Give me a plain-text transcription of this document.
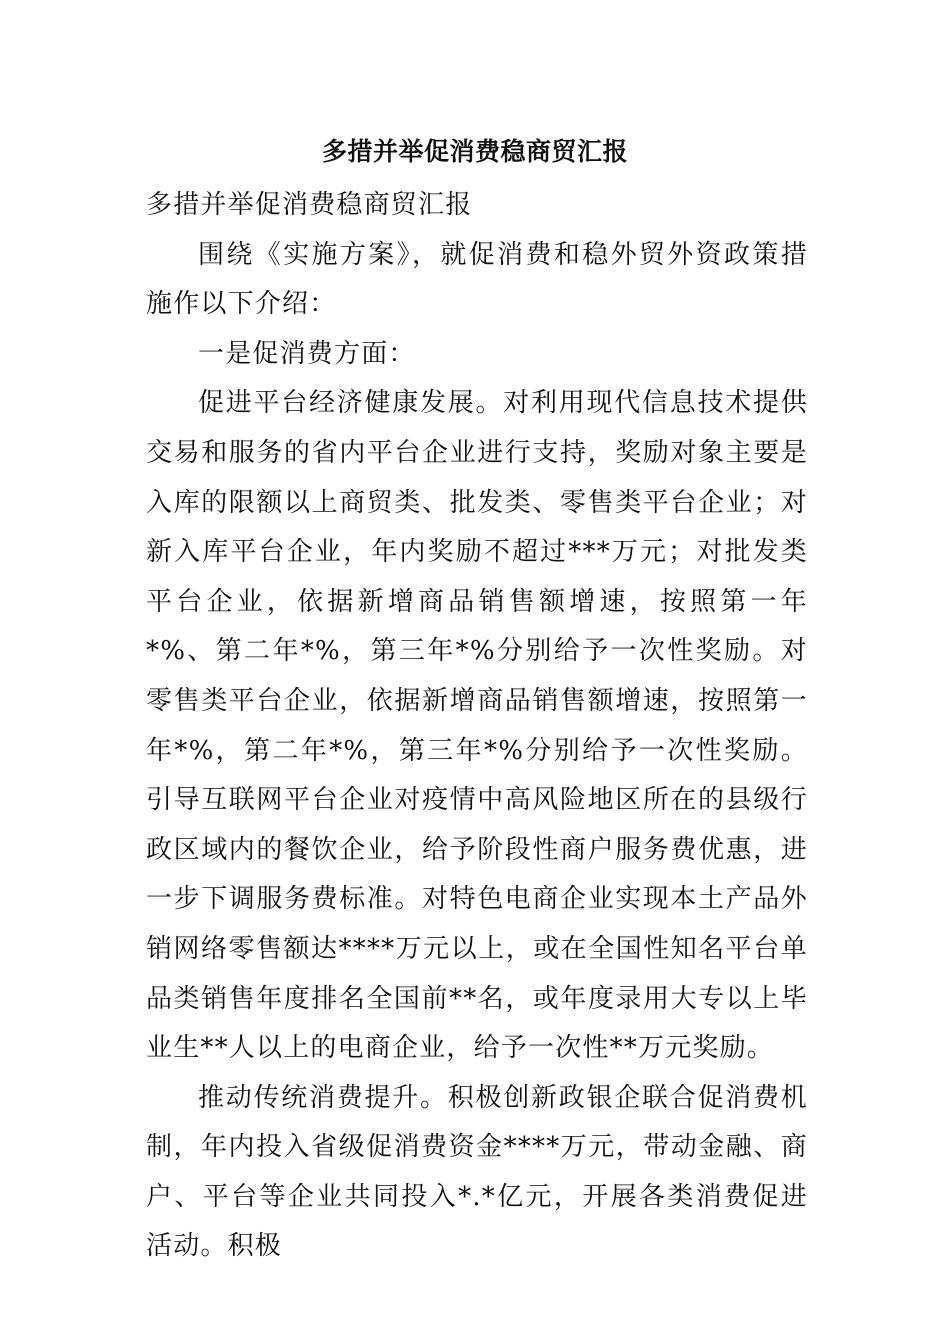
多措并举促消费稳商贸汇报

多措并举促消费稳商贸汇报

围绕《实施方案》，就促消费和稳外贸外资政策措施作以下介绍：

一是促消费方面：

促进平台经济健康发展。对利用现代信息技术提供交易和服务的省内平台企业进行支持，奖励对象主要是入库的限额以上商贸类、批发类、零售类平台企业；对新入库平台企业，年内奖励不超过***万元；对批发类平台企业，依据新增商品销售额增速，按照第一年*%、第二年*%，第三年*%分别给予一次性奖励。对零售类平台企业，依据新增商品销售额增速，按照第一年*%，第二年*%，第三年*%分别给予一次性奖励。引导互联网平台企业对疫情中高风险地区所在的县级行政区域内的餐饮企业，给予阶段性商户服务费优惠，进一步下调服务费标准。对特色电商企业实现本土产品外销网络零售额达****万元以上，或在全国性知名平台单品类销售年度排名全国前**名，或年度录用大专以上毕业生**人以上的电商企业，给予一次性**万元奖励。

推动传统消费提升。积极创新政银企联合促消费机制，年内投入省级促消费资金****万元，带动金融、商户、平台等企业共同投入*.*亿元，开展各类消费促进活动。积极
